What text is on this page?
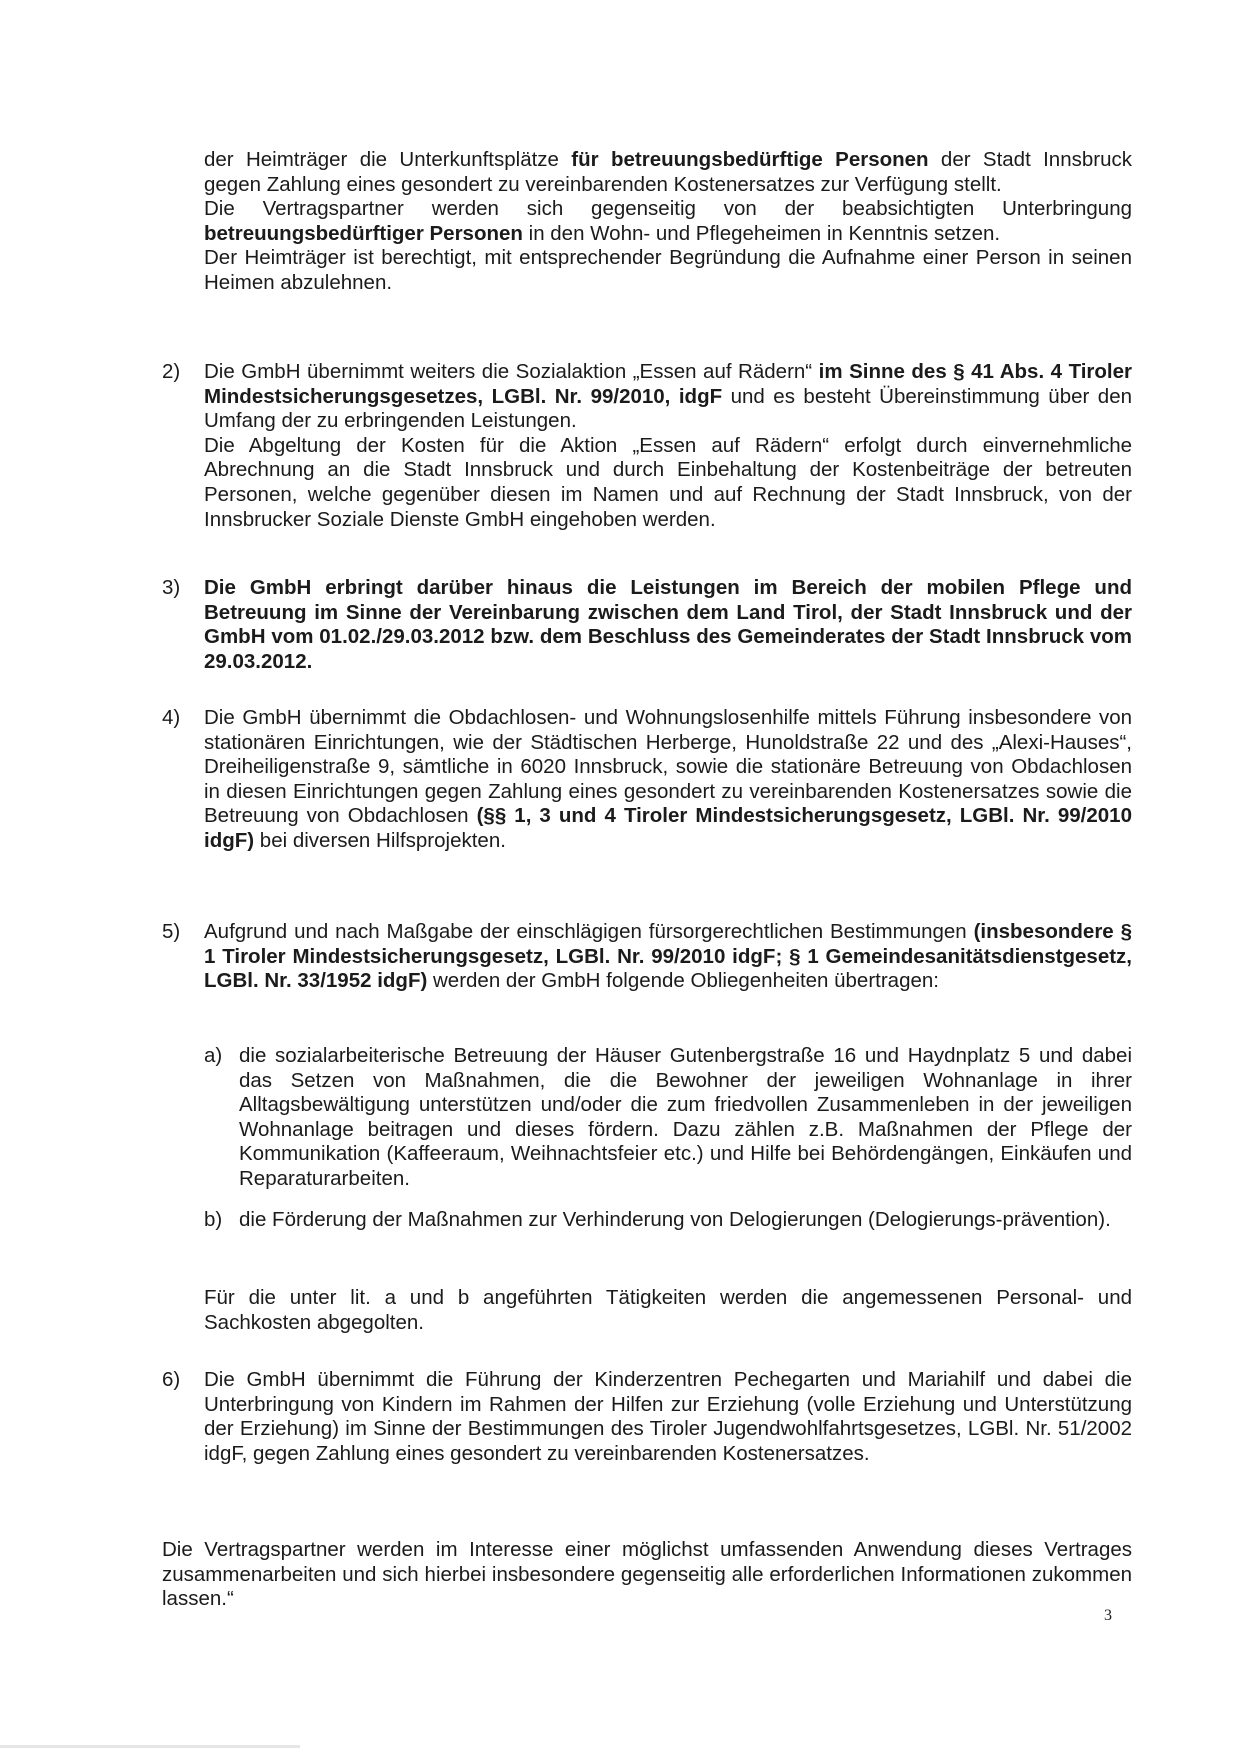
der Heimträger die Unterkunftsplätze für betreuungsbedürftige Personen der Stadt Innsbruck gegen Zahlung eines gesondert zu vereinbarenden Kostenersatzes zur Verfügung stellt.
Die Vertragspartner werden sich gegenseitig von der beabsichtigten Unterbringung betreuungsbedürftiger Personen in den Wohn- und Pflegeheimen in Kenntnis setzen.
Der Heimträger ist berechtigt, mit entsprechender Begründung die Aufnahme einer Person in seinen Heimen abzulehnen.
2)	Die GmbH übernimmt weiters die Sozialaktion „Essen auf Rädern“ im Sinne des § 41 Abs. 4 Tiroler Mindestsicherungsgesetzes, LGBl. Nr. 99/2010, idgF und es besteht Übereinstimmung über den Umfang der zu erbringenden Leistungen.
Die Abgeltung der Kosten für die Aktion „Essen auf Rädern“ erfolgt durch einvernehmliche Abrechnung an die Stadt Innsbruck und durch Einbehaltung der Kostenbeiträge der betreuten Personen, welche gegenüber diesen im Namen und auf Rechnung der Stadt Innsbruck, von der Innsbrucker Soziale Dienste GmbH eingehoben werden.
3)	Die GmbH erbringt darüber hinaus die Leistungen im Bereich der mobilen Pflege und Betreuung im Sinne der Vereinbarung zwischen dem Land Tirol, der Stadt Innsbruck und der GmbH vom 01.02./29.03.2012 bzw. dem Beschluss des Gemeinderates der Stadt Innsbruck vom 29.03.2012.
4)	Die GmbH übernimmt die Obdachlosen- und Wohnungslosenhilfe mittels Führung insbesondere von stationären Einrichtungen, wie der Städtischen Herberge, Hunoldstraße 22 und des „Alexi-Hauses“, Dreiheiligenstraße 9, sämtliche in 6020 Innsbruck, sowie die stationäre Betreuung von Obdachlosen in diesen Einrichtungen gegen Zahlung eines gesondert zu vereinbarenden Kostenersatzes sowie die Betreuung von Obdachlosen (§§ 1, 3 und 4 Tiroler Mindestsicherungsgesetz, LGBl. Nr. 99/2010 idgF) bei diversen Hilfsprojekten.
5)	Aufgrund und nach Maßgabe der einschlägigen fürsorgerechtlichen Bestimmungen (insbesondere § 1 Tiroler Mindestsicherungsgesetz, LGBl. Nr. 99/2010 idgF; § 1 Gemeindesanitätsdienstgesetz, LGBl. Nr. 33/1952 idgF) werden der GmbH folgende Obliegenheiten übertragen:
a) die sozialarbeiterische Betreuung der Häuser Gutenbergstraße 16 und Haydnplatz 5 und dabei das Setzen von Maßnahmen, die die Bewohner der jeweiligen Wohnanlage in ihrer Alltagsbewältigung unterstützen und/oder die zum friedvollen Zusammenleben in der jeweiligen Wohnanlage beitragen und dieses fördern. Dazu zählen z.B. Maßnahmen der Pflege der Kommunikation (Kaffeeraum, Weihnachtsfeier etc.) und Hilfe bei Behördengängen, Einkäufen und Reparaturarbeiten.
b) die Förderung der Maßnahmen zur Verhinderung von Delogierungen (Delogierungs-prävention).
Für die unter lit. a und b angeführten Tätigkeiten werden die angemessenen Personal- und Sachkosten abgegolten.
6)	Die GmbH übernimmt die Führung der Kinderzentren Pechegarten und Mariahilf und dabei die Unterbringung von Kindern im Rahmen der Hilfen zur Erziehung (volle Erziehung und Unterstützung der Erziehung) im Sinne der Bestimmungen des Tiroler Jugendwohlfahrtsgesetzes, LGBl. Nr. 51/2002 idgF, gegen Zahlung eines gesondert zu vereinbarenden Kostenersatzes.
Die Vertragspartner werden im Interesse einer möglichst umfassenden Anwendung dieses Vertrages zusammenarbeiten und sich hierbei insbesondere gegenseitig alle erforderlichen Informationen zukommen lassen.“
3
